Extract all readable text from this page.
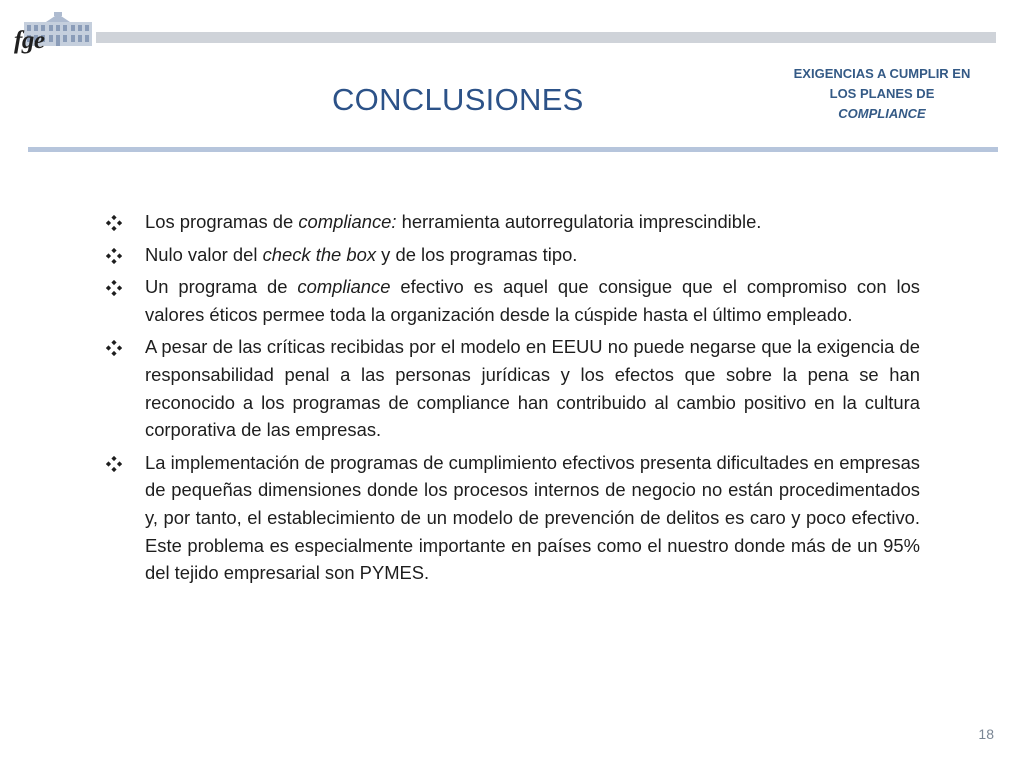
fge
EXIGENCIAS A CUMPLIR EN
LOS PLANES DE
COMPLIANCE
CONCLUSIONES
Los programas de compliance: herramienta autorregulatoria imprescindible.
Nulo valor del check the box y de los programas tipo.
Un programa de compliance efectivo es aquel que consigue que el compromiso con los valores éticos permee toda la organización desde la cúspide hasta el último empleado.
A pesar de las críticas recibidas por el modelo en EEUU no puede negarse que la exigencia de responsabilidad penal a las personas jurídicas y los efectos que sobre la pena se han reconocido a los programas de compliance han contribuido al cambio positivo en la cultura corporativa de las empresas.
La implementación de programas de cumplimiento efectivos presenta dificultades en empresas de pequeñas dimensiones donde los procesos internos de negocio no están procedimentados y, por tanto, el establecimiento de un modelo de prevención de delitos es caro y poco efectivo. Este problema es especialmente importante en países como el nuestro donde más de un 95% del tejido empresarial son PYMES.
18
